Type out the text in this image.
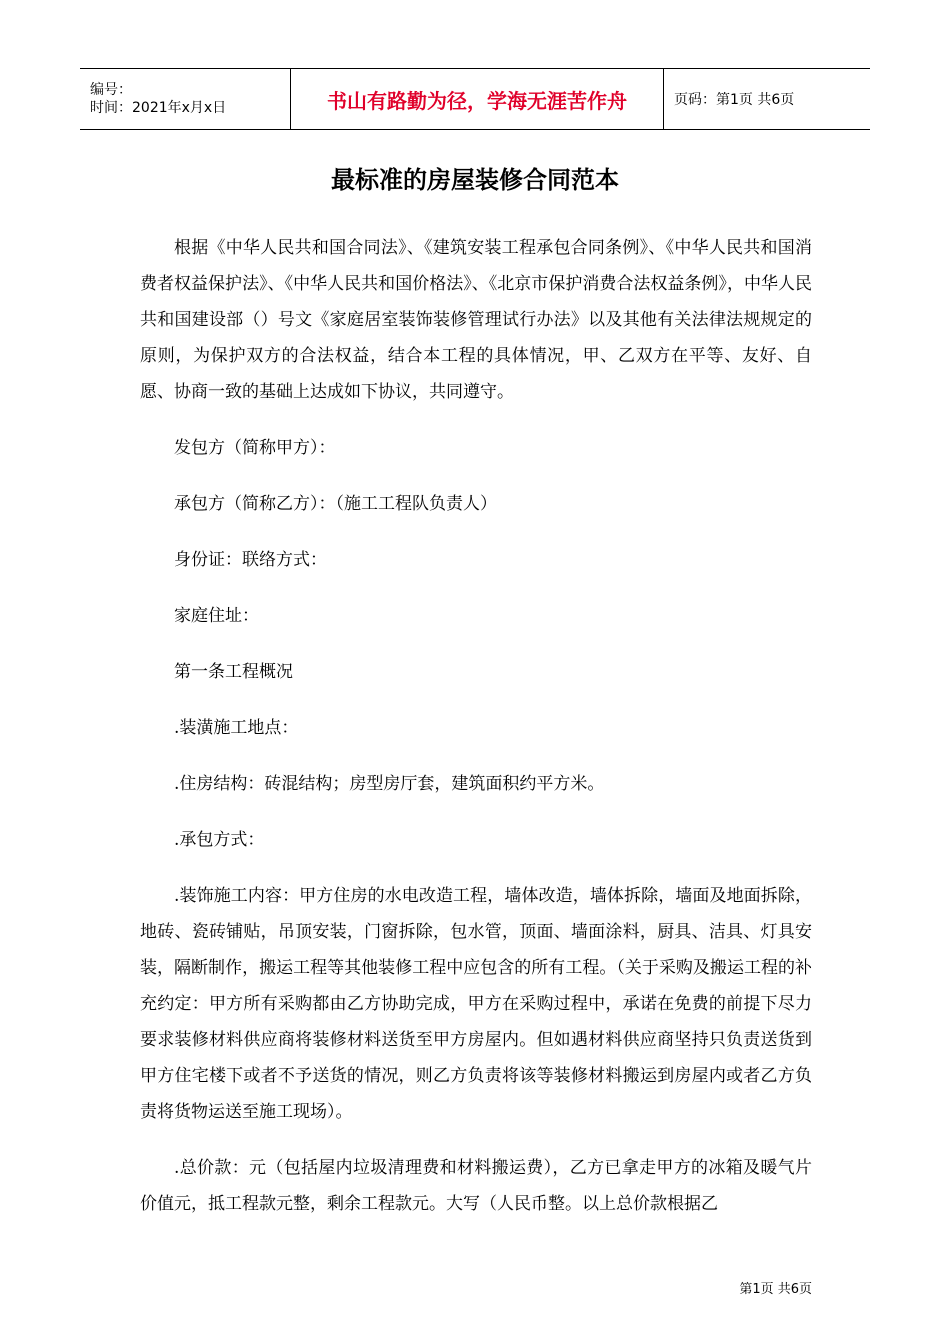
编号：
时间：2021年x月x日	书山有路勤为径，学海无涯苦作舟	页码：第1页 共6页
最标准的房屋装修合同范本

根据《中华人民共和国合同法》、《建筑安装工程承包合同条例》、《中华人民共和国消费者权益保护法》、《中华人民共和国价格法》、《北京市保护消费合法权益条例》，中华人民共和国建设部（）号文《家庭居室装饰装修管理试行办法》以及其他有关法律法规规定的原则，为保护双方的合法权益，结合本工程的具体情况，甲、乙双方在平等、友好、自愿、协商一致的基础上达成如下协议，共同遵守。

发包方（简称甲方）：

承包方（简称乙方）：（施工工程队负责人）

身份证：联络方式：

家庭住址：

第一条工程概况

.装潢施工地点：

.住房结构：砖混结构；房型房厅套，建筑面积约平方米。

.承包方式：

.装饰施工内容：甲方住房的水电改造工程，墙体改造，墙体拆除，墙面及地面拆除，地砖、瓷砖铺贴，吊顶安装，门窗拆除，包水管，顶面、墙面涂料，厨具、洁具、灯具安装，隔断制作，搬运工程等其他装修工程中应包含的所有工程。（关于采购及搬运工程的补充约定：甲方所有采购都由乙方协助完成，甲方在采购过程中，承诺在免费的前提下尽力要求装修材料供应商将装修材料送货至甲方房屋内。但如遇材料供应商坚持只负责送货到甲方住宅楼下或者不予送货的情况，则乙方负责将该等装修材料搬运到房屋内或者乙方负责将货物运送至施工现场）。

.总价款：元（包括屋内垃圾清理费和材料搬运费），乙方已拿走甲方的冰箱及暖气片价值元，抵工程款元整，剩余工程款元。大写（人民币整。以上总价款根据乙

第1页 共6页
